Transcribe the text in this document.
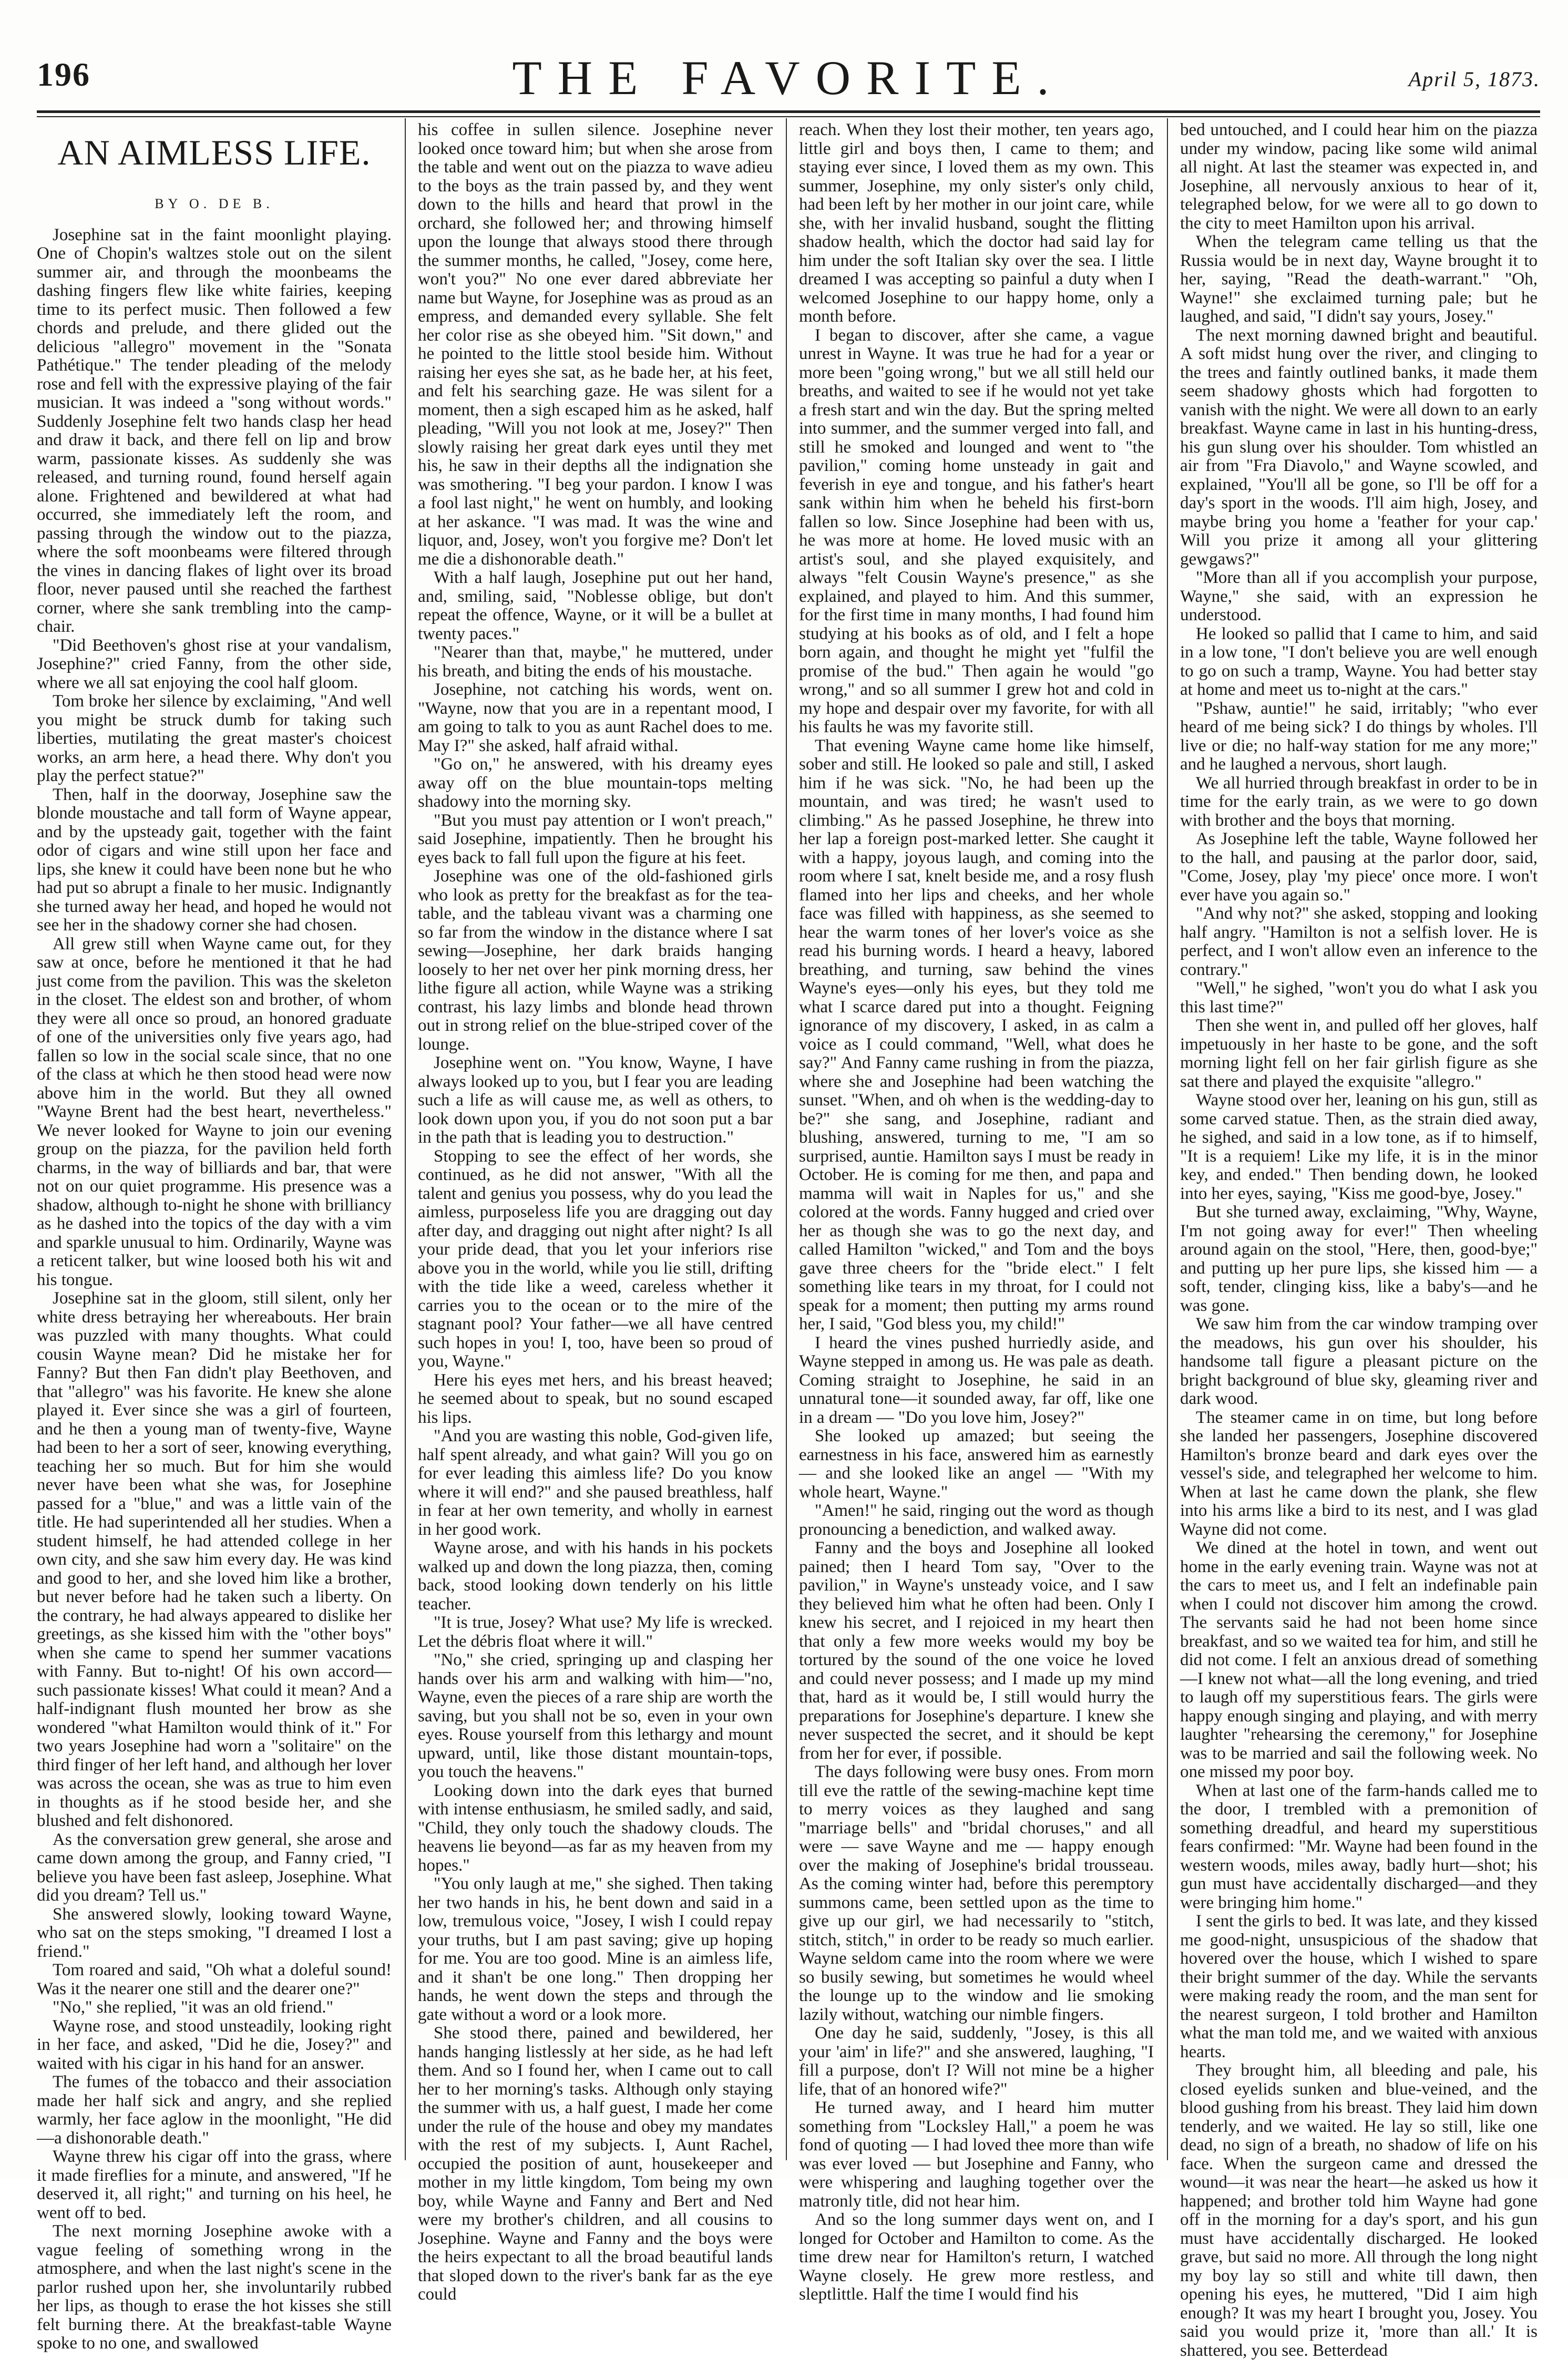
196	THE FAVORITE.	April 5, 1873.
AN AIMLESS LIFE.
BY O. DE B.

Josephine sat in the faint moonlight playing. One of Chopin's waltzes stole out on the silent summer air, and through the moonbeams the dashing fingers flew like white fairies, keeping time to its perfect music. Then followed a few chords and prelude, and there glided out the delicious "allegro" movement in the "Sonata Pathétique." The tender pleading of the melody rose and fell with the expressive playing of the fair musician. It was indeed a "song without words." Suddenly Josephine felt two hands clasp her head and draw it back, and there fell on lip and brow warm, passionate kisses. As suddenly she was released, and turning round, found herself again alone. Frightened and bewildered at what had occurred, she immediately left the room, and passing through the window out to the piazza, where the soft moonbeams were filtered through the vines in dancing flakes of light over its broad floor, never paused until she reached the farthest corner, where she sank trembling into the camp-chair.

"Did Beethoven's ghost rise at your vandalism, Josephine?" cried Fanny, from the other side, where we all sat enjoying the cool half gloom.

Tom broke her silence by exclaiming, "And well you might be struck dumb for taking such liberties, mutilating the great master's choicest works, an arm here, a head there. Why don't you play the perfect statue?"

Then, half in the doorway, Josephine saw the blonde moustache and tall form of Wayne appear, and by the upsteady gait, together with the faint odor of cigars and wine still upon her face and lips, she knew it could have been none but he who had put so abrupt a finale to her music. Indignantly she turned away her head, and hoped he would not see her in the shadowy corner she had chosen.

All grew still when Wayne came out, for they saw at once, before he mentioned it that he had just come from the pavilion. This was the skeleton in the closet. The eldest son and brother, of whom they were all once so proud, an honored graduate of one of the universities only five years ago, had fallen so low in the social scale since, that no one of the class at which he then stood head were now above him in the world. But they all owned "Wayne Brent had the best heart, nevertheless." We never looked for Wayne to join our evening group on the piazza, for the pavilion held forth charms, in the way of billiards and bar, that were not on our quiet programme. His presence was a shadow, although to-night he shone with brilliancy as he dashed into the topics of the day with a vim and sparkle unusual to him. Ordinarily, Wayne was a reticent talker, but wine loosed both his wit and his tongue.

Josephine sat in the gloom, still silent, only her white dress betraying her whereabouts. Her brain was puzzled with many thoughts. What could cousin Wayne mean? Did he mistake her for Fanny? But then Fan didn't play Beethoven, and that "allegro" was his favorite. He knew she alone played it. Ever since she was a girl of fourteen, and he then a young man of twenty-five, Wayne had been to her a sort of seer, knowing everything, teaching her so much. But for him she would never have been what she was, for Josephine passed for a "blue," and was a little vain of the title. He had superintended all her studies. When a student himself, he had attended college in her own city, and she saw him every day. He was kind and good to her, and she loved him like a brother, but never before had he taken such a liberty. On the contrary, he had always appeared to dislike her greetings, as she kissed him with the "other boys" when she came to spend her summer vacations with Fanny. But to-night! Of his own accord—such passionate kisses! What could it mean? And a half-indignant flush mounted her brow as she wondered "what Hamilton would think of it." For two years Josephine had worn a "solitaire" on the third finger of her left hand, and although her lover was across the ocean, she was as true to him even in thoughts as if he stood beside her, and she blushed and felt dishonored.

As the conversation grew general, she arose and came down among the group, and Fanny cried, "I believe you have been fast asleep, Josephine. What did you dream? Tell us."

She answered slowly, looking toward Wayne, who sat on the steps smoking, "I dreamed I lost a friend."

Tom roared and said, "Oh what a doleful sound! Was it the nearer one still and the dearer one?"

"No," she replied, "it was an old friend."

Wayne rose, and stood unsteadily, looking right in her face, and asked, "Did he die, Josey?" and waited with his cigar in his hand for an answer.

The fumes of the tobacco and their association made her half sick and angry, and she replied warmly, her face aglow in the moonlight, "He did—a dishonorable death."

Wayne threw his cigar off into the grass, where it made fireflies for a minute, and answered, "If he deserved it, all right;" and turning on his heel, he went off to bed.

The next morning Josephine awoke with a vague feeling of something wrong in the atmosphere, and when the last night's scene in the parlor rushed upon her, she involuntarily rubbed her lips, as though to erase the hot kisses she still felt burning there. At the breakfast-table Wayne spoke to no one, and swallowed

his coffee in sullen silence. Josephine never looked once toward him; but when she arose from the table and went out on the piazza to wave adieu to the boys as the train passed by, and they went down to the hills and heard that prowl in the orchard, she followed her; and throwing himself upon the lounge that always stood there through the summer months, he called, "Josey, come here, won't you?" No one ever dared abbreviate her name but Wayne, for Josephine was as proud as an empress, and demanded every syllable. She felt her color rise as she obeyed him. "Sit down," and he pointed to the little stool beside him. Without raising her eyes she sat, as he bade her, at his feet, and felt his searching gaze. He was silent for a moment, then a sigh escaped him as he asked, half pleading, "Will you not look at me, Josey?" Then slowly raising her great dark eyes until they met his, he saw in their depths all the indignation she was smothering. "I beg your pardon. I know I was a fool last night," he went on humbly, and looking at her askance. "I was mad. It was the wine and liquor, and, Josey, won't you forgive me? Don't let me die a dishonorable death."

With a half laugh, Josephine put out her hand, and, smiling, said, "Noblesse oblige, but don't repeat the offence, Wayne, or it will be a bullet at twenty paces."

"Nearer than that, maybe," he muttered, under his breath, and biting the ends of his moustache.

Josephine, not catching his words, went on. "Wayne, now that you are in a repentant mood, I am going to talk to you as aunt Rachel does to me. May I?" she asked, half afraid withal.

"Go on," he answered, with his dreamy eyes away off on the blue mountain-tops melting shadowy into the morning sky.

"But you must pay attention or I won't preach," said Josephine, impatiently. Then he brought his eyes back to fall full upon the figure at his feet.

Josephine was one of the old-fashioned girls who look as pretty for the breakfast as for the tea-table, and the tableau vivant was a charming one so far from the window in the distance where I sat sewing—Josephine, her dark braids hanging loosely to her net over her pink morning dress, her lithe figure all action, while Wayne was a striking contrast, his lazy limbs and blonde head thrown out in strong relief on the blue-striped cover of the lounge.

Josephine went on. "You know, Wayne, I have always looked up to you, but I fear you are leading such a life as will cause me, as well as others, to look down upon you, if you do not soon put a bar in the path that is leading you to destruction."

Stopping to see the effect of her words, she continued, as he did not answer, "With all the talent and genius you possess, why do you lead the aimless, purposeless life you are dragging out day after day, and dragging out night after night? Is all your pride dead, that you let your inferiors rise above you in the world, while you lie still, drifting with the tide like a weed, careless whether it carries you to the ocean or to the mire of the stagnant pool? Your father—we all have centred such hopes in you! I, too, have been so proud of you, Wayne."

Here his eyes met hers, and his breast heaved; he seemed about to speak, but no sound escaped his lips.

"And you are wasting this noble, God-given life, half spent already, and what gain? Will you go on for ever leading this aimless life? Do you know where it will end?" and she paused breathless, half in fear at her own temerity, and wholly in earnest in her good work.

Wayne arose, and with his hands in his pockets walked up and down the long piazza, then, coming back, stood looking down tenderly on his little teacher.

"It is true, Josey? What use? My life is wrecked. Let the débris float where it will."

"No," she cried, springing up and clasping her hands over his arm and walking with him—"no, Wayne, even the pieces of a rare ship are worth the saving, but you shall not be so, even in your own eyes. Rouse yourself from this lethargy and mount upward, until, like those distant mountain-tops, you touch the heavens."

Looking down into the dark eyes that burned with intense enthusiasm, he smiled sadly, and said, "Child, they only touch the shadowy clouds. The heavens lie beyond—as far as my heaven from my hopes."

"You only laugh at me," she sighed. Then taking her two hands in his, he bent down and said in a low, tremulous voice, "Josey, I wish I could repay your truths, but I am past saving; give up hoping for me. You are too good. Mine is an aimless life, and it shan't be one long." Then dropping her hands, he went down the steps and through the gate without a word or a look more.

She stood there, pained and bewildered, her hands hanging listlessly at her side, as he had left them. And so I found her, when I came out to call her to her morning's tasks. Although only staying the summer with us, a half guest, I made her come under the rule of the house and obey my mandates with the rest of my subjects. I, Aunt Rachel, occupied the position of aunt, housekeeper and mother in my little kingdom, Tom being my own boy, while Wayne and Fanny and Bert and Ned were my brother's children, and all cousins to Josephine. Wayne and Fanny and the boys were the heirs expectant to all the broad beautiful lands that sloped down to the river's bank far as the eye could

reach. When they lost their mother, ten years ago, little girl and boys then, I came to them; and staying ever since, I loved them as my own. This summer, Josephine, my only sister's only child, had been left by her mother in our joint care, while she, with her invalid husband, sought the flitting shadow health, which the doctor had said lay for him under the soft Italian sky over the sea. I little dreamed I was accepting so painful a duty when I welcomed Josephine to our happy home, only a month before.

I began to discover, after she came, a vague unrest in Wayne. It was true he had for a year or more been "going wrong," but we all still held our breaths, and waited to see if he would not yet take a fresh start and win the day. But the spring melted into summer, and the summer verged into fall, and still he smoked and lounged and went to "the pavilion," coming home unsteady in gait and feverish in eye and tongue, and his father's heart sank within him when he beheld his first-born fallen so low. Since Josephine had been with us, he was more at home. He loved music with an artist's soul, and she played exquisitely, and always "felt Cousin Wayne's presence," as she explained, and played to him. And this summer, for the first time in many months, I had found him studying at his books as of old, and I felt a hope born again, and thought he might yet "fulfil the promise of the bud." Then again he would "go wrong," and so all summer I grew hot and cold in my hope and despair over my favorite, for with all his faults he was my favorite still.

That evening Wayne came home like himself, sober and still. He looked so pale and still, I asked him if he was sick. "No, he had been up the mountain, and was tired; he wasn't used to climbing." As he passed Josephine, he threw into her lap a foreign post-marked letter. She caught it with a happy, joyous laugh, and coming into the room where I sat, knelt beside me, and a rosy flush flamed into her lips and cheeks, and her whole face was filled with happiness, as she seemed to hear the warm tones of her lover's voice as she read his burning words. I heard a heavy, labored breathing, and turning, saw behind the vines Wayne's eyes—only his eyes, but they told me what I scarce dared put into a thought. Feigning ignorance of my discovery, I asked, in as calm a voice as I could command, "Well, what does he say?" And Fanny came rushing in from the piazza, where she and Josephine had been watching the sunset. "When, and oh when is the wedding-day to be?" she sang, and Josephine, radiant and blushing, answered, turning to me, "I am so surprised, auntie. Hamilton says I must be ready in October. He is coming for me then, and papa and mamma will wait in Naples for us," and she colored at the words. Fanny hugged and cried over her as though she was to go the next day, and called Hamilton "wicked," and Tom and the boys gave three cheers for the "bride elect." I felt something like tears in my throat, for I could not speak for a moment; then putting my arms round her, I said, "God bless you, my child!"

I heard the vines pushed hurriedly aside, and Wayne stepped in among us. He was pale as death. Coming straight to Josephine, he said in an unnatural tone—it sounded away, far off, like one in a dream — "Do you love him, Josey?"

She looked up amazed; but seeing the earnestness in his face, answered him as earnestly — and she looked like an angel — "With my whole heart, Wayne."

"Amen!" he said, ringing out the word as though pronouncing a benediction, and walked away.

Fanny and the boys and Josephine all looked pained; then I heard Tom say, "Over to the pavilion," in Wayne's unsteady voice, and I saw they believed him what he often had been. Only I knew his secret, and I rejoiced in my heart then that only a few more weeks would my boy be tortured by the sound of the one voice he loved and could never possess; and I made up my mind that, hard as it would be, I still would hurry the preparations for Josephine's departure. I knew she never suspected the secret, and it should be kept from her for ever, if possible.

The days following were busy ones. From morn till eve the rattle of the sewing-machine kept time to merry voices as they laughed and sang "marriage bells" and "bridal choruses," and all were — save Wayne and me — happy enough over the making of Josephine's bridal trousseau. As the coming winter had, before this peremptory summons came, been settled upon as the time to give up our girl, we had necessarily to "stitch, stitch, stitch," in order to be ready so much earlier. Wayne seldom came into the room where we were so busily sewing, but sometimes he would wheel the lounge up to the window and lie smoking lazily without, watching our nimble fingers.

One day he said, suddenly, "Josey, is this all your 'aim' in life?" and she answered, laughing, "I fill a purpose, don't I? Will not mine be a higher life, that of an honored wife?"

He turned away, and I heard him mutter something from "Locksley Hall," a poem he was fond of quoting — I had loved thee more than wife was ever loved — but Josephine and Fanny, who were whispering and laughing together over the matronly title, did not hear him.

And so the long summer days went on, and I longed for October and Hamilton to come. As the time drew near for Hamilton's return, I watched Wayne closely. He grew more restless, and sleptlittle. Half the time I would find his

bed untouched, and I could hear him on the piazza under my window, pacing like some wild animal all night. At last the steamer was expected in, and Josephine, all nervously anxious to hear of it, telegraphed below, for we were all to go down to the city to meet Hamilton upon his arrival.

When the telegram came telling us that the Russia would be in next day, Wayne brought it to her, saying, "Read the death-warrant." "Oh, Wayne!" she exclaimed turning pale; but he laughed, and said, "I didn't say yours, Josey."

The next morning dawned bright and beautiful. A soft midst hung over the river, and clinging to the trees and faintly outlined banks, it made them seem shadowy ghosts which had forgotten to vanish with the night. We were all down to an early breakfast. Wayne came in last in his hunting-dress, his gun slung over his shoulder. Tom whistled an air from "Fra Diavolo," and Wayne scowled, and explained, "You'll all be gone, so I'll be off for a day's sport in the woods. I'll aim high, Josey, and maybe bring you home a 'feather for your cap.' Will you prize it among all your glittering gewgaws?"

"More than all if you accomplish your purpose, Wayne," she said, with an expression he understood.

He looked so pallid that I came to him, and said in a low tone, "I don't believe you are well enough to go on such a tramp, Wayne. You had better stay at home and meet us to-night at the cars."

"Pshaw, auntie!" he said, irritably; "who ever heard of me being sick? I do things by wholes. I'll live or die; no half-way station for me any more;" and he laughed a nervous, short laugh.

We all hurried through breakfast in order to be in time for the early train, as we were to go down with brother and the boys that morning.

As Josephine left the table, Wayne followed her to the hall, and pausing at the parlor door, said, "Come, Josey, play 'my piece' once more. I won't ever have you again so."

"And why not?" she asked, stopping and looking half angry. "Hamilton is not a selfish lover. He is perfect, and I won't allow even an inference to the contrary."

"Well," he sighed, "won't you do what I ask you this last time?"

Then she went in, and pulled off her gloves, half impetuously in her haste to be gone, and the soft morning light fell on her fair girlish figure as she sat there and played the exquisite "allegro."

Wayne stood over her, leaning on his gun, still as some carved statue. Then, as the strain died away, he sighed, and said in a low tone, as if to himself, "It is a requiem! Like my life, it is in the minor key, and ended." Then bending down, he looked into her eyes, saying, "Kiss me good-bye, Josey."

But she turned away, exclaiming, "Why, Wayne, I'm not going away for ever!" Then wheeling around again on the stool, "Here, then, good-bye;" and putting up her pure lips, she kissed him — a soft, tender, clinging kiss, like a baby's—and he was gone.

We saw him from the car window tramping over the meadows, his gun over his shoulder, his handsome tall figure a pleasant picture on the bright background of blue sky, gleaming river and dark wood.

The steamer came in on time, but long before she landed her passengers, Josephine discovered Hamilton's bronze beard and dark eyes over the vessel's side, and telegraphed her welcome to him. When at last he came down the plank, she flew into his arms like a bird to its nest, and I was glad Wayne did not come.

We dined at the hotel in town, and went out home in the early evening train. Wayne was not at the cars to meet us, and I felt an indefinable pain when I could not discover him among the crowd. The servants said he had not been home since breakfast, and so we waited tea for him, and still he did not come. I felt an anxious dread of something—I knew not what—all the long evening, and tried to laugh off my superstitious fears. The girls were happy enough singing and playing, and with merry laughter "rehearsing the ceremony," for Josephine was to be married and sail the following week. No one missed my poor boy.

When at last one of the farm-hands called me to the door, I trembled with a premonition of something dreadful, and heard my superstitious fears confirmed: "Mr. Wayne had been found in the western woods, miles away, badly hurt—shot; his gun must have accidentally discharged—and they were bringing him home."

I sent the girls to bed. It was late, and they kissed me good-night, unsuspicious of the shadow that hovered over the house, which I wished to spare their bright summer of the day. While the servants were making ready the room, and the man sent for the nearest surgeon, I told brother and Hamilton what the man told me, and we waited with anxious hearts.

They brought him, all bleeding and pale, his closed eyelids sunken and blue-veined, and the blood gushing from his breast. They laid him down tenderly, and we waited. He lay so still, like one dead, no sign of a breath, no shadow of life on his face. When the surgeon came and dressed the wound—it was near the heart—he asked us how it happened; and brother told him Wayne had gone off in the morning for a day's sport, and his gun must have accidentally discharged. He looked grave, but said no more. All through the long night my boy lay so still and white till dawn, then opening his eyes, he muttered, "Did I aim high enough? It was my heart I brought you, Josey. You said you would prize it, 'more than all.' It is shattered, you see. Betterdead
